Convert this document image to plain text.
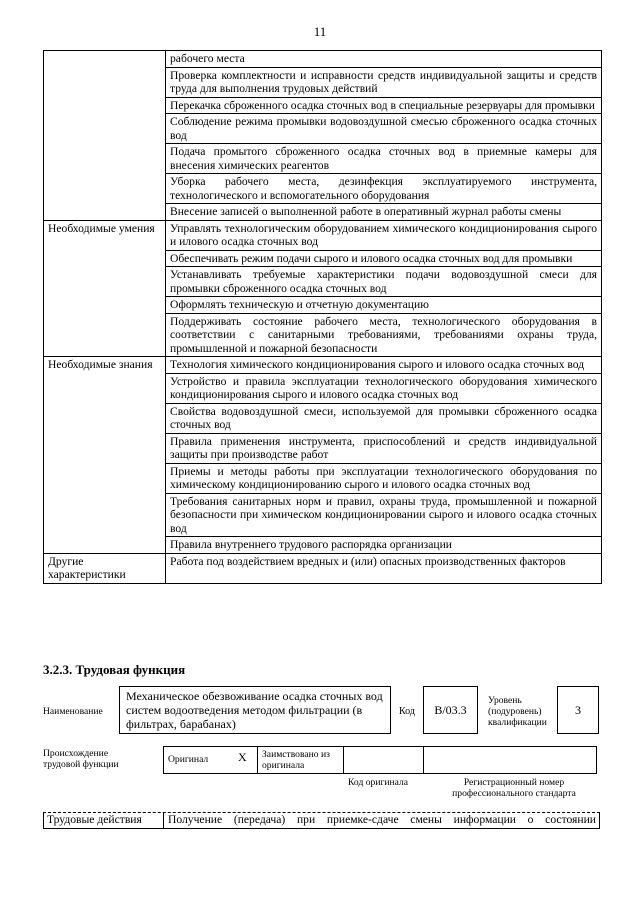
11
	рабочего места
	Проверка комплектности и исправности средств индивидуальной защиты и средств труда для выполнения трудовых действий
	Перекачка сброженного осадка сточных вод в специальные резервуары для промывки
	Соблюдение режима промывки водовоздушной смесью сброженного осадка сточных вод
	Подача промытого сброженного осадка сточных вод в приемные камеры для внесения химических реагентов
	Уборка рабочего места, дезинфекция эксплуатируемого инструмента, технологического и вспомогательного оборудования
	Внесение записей о выполненной работе в оперативный журнал работы смены
Необходимые умения	Управлять технологическим оборудованием химического кондиционирования сырого и илового осадка сточных вод
	Обеспечивать режим подачи сырого и илового осадка сточных вод для промывки
	Устанавливать требуемые характеристики подачи водовоздушной смеси для промывки сброженного осадка сточных вод
	Оформлять техническую и отчетную документацию
	Поддерживать состояние рабочего места, технологического оборудования в соответствии с санитарными требованиями, требованиями охраны труда, промышленной и пожарной безопасности
Необходимые знания	Технология химического кондиционирования сырого и илового осадка сточных вод
	Устройство и правила эксплуатации технологического оборудования химического кондиционирования сырого и илового осадка сточных вод
	Свойства водовоздушной смеси, используемой для промывки сброженного осадка сточных вод
	Правила применения инструмента, приспособлений и средств индивидуальной защиты при производстве работ
	Приемы и методы работы при эксплуатации технологического оборудования по химическому кондиционированию сырого и илового осадка сточных вод
	Требования санитарных норм и правил, охраны труда, промышленной и пожарной безопасности при химическом кондиционировании сырого и илового осадка сточных вод
	Правила внутреннего трудового распорядка организации
Другие характеристики	Работа под воздействием вредных и (или) опасных производственных факторов
3.2.3. Трудовая функция
Наименование
Механическое обезвоживание осадка сточных вод систем водоотведения методом фильтрации (в фильтрах, барабанах)
Код B/03.3
Уровень (подуровень) квалификации
3
Происхождение трудовой функции	Оригинал X Заимствовано из оригинала
Код оригинала	Регистрационный номер профессионального стандарта
Трудовые действия Получение (передача) при приемке-сдаче смены информации о состоянии
